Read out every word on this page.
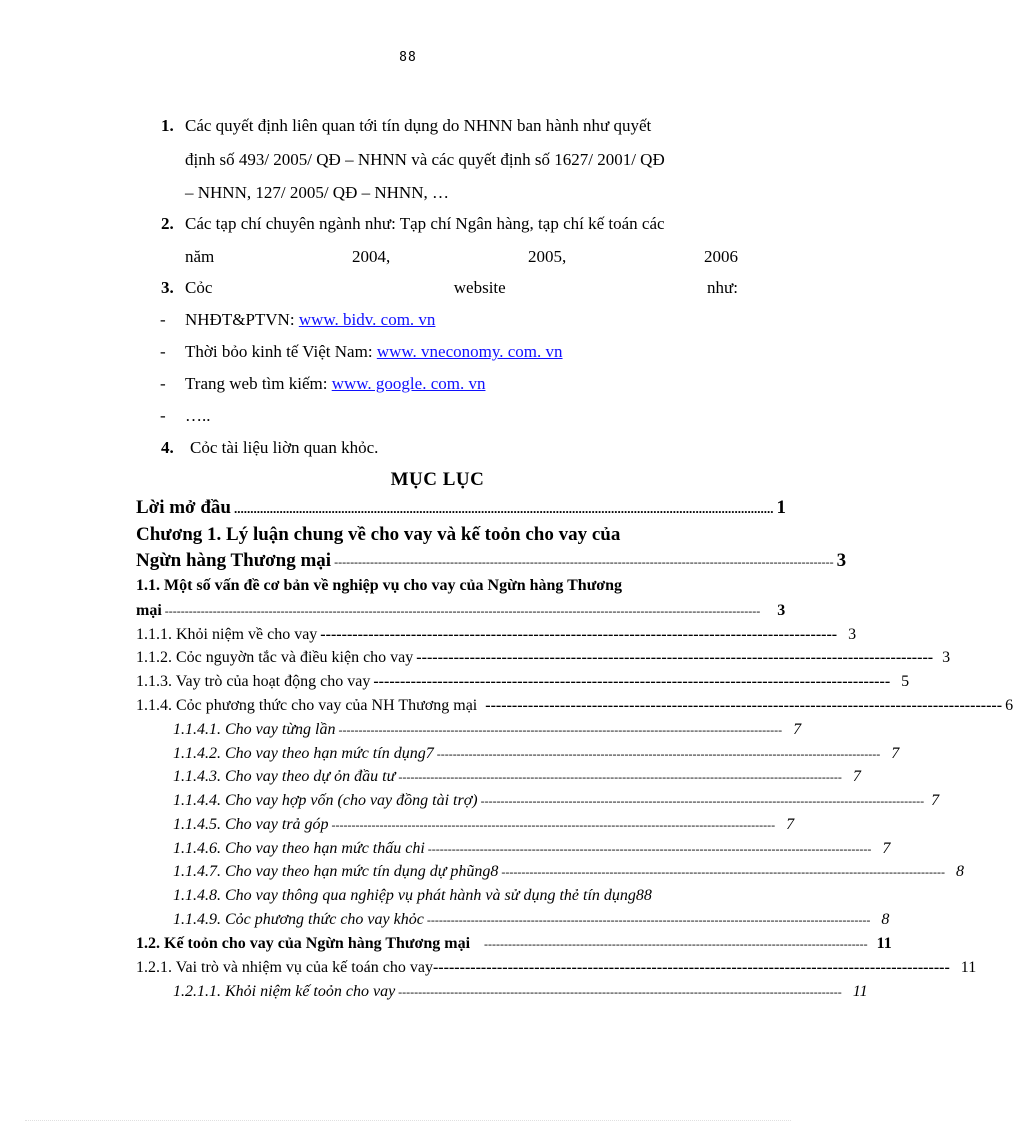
88
1. Các quyết định liên quan tới tín dụng do NHNN ban hành như quyết
định số 493/ 2005/ QĐ – NHNN và các quyết định số 1627/ 2001/ QĐ
– NHNN, 127/ 2005/ QĐ – NHNN, …
2. Các tạp chí chuyên ngành như: Tạp chí Ngân hàng, tạp chí kế toán các
năm	2004,	2005,	2006
3. Cỏc	website	như:
- NHĐT&PTVN: www. bidv. com. vn
- Thời bỏo kinh tế Việt Nam: www. vneconomy. com. vn
- Trang web tìm kiếm: www. google. com. vn
- …..
4. Cỏc tài liệu liờn quan khỏc.
MỤC LỤC
Lời mở đầu ...................................................................................................................................................................... 1
Chương 1. Lý luận chung về cho vay và kế toỏn cho vay của
Ngừn hàng Thương mại ----------------------------------------------------------------------------------------------------------------------------- 3
1.1. Một số vấn đề cơ bản về nghiệp vụ cho vay của Ngừn hàng Thương
mại -----------------------------------------------------------------------------------------------------------------------------------------------------	3
1.1.1. Khỏi niệm về cho vay ------------------------------------------------------------------------------------------------- 3
1.1.2. Cỏc nguyờn tắc và điều kiện cho vay ------------------------------------------------------------------------------------------------- 3
1.1.3. Vay trò của hoạt động cho vay ------------------------------------------------------------------------------------------------- 5
1.1.4. Cỏc phương thức cho vay của NH Thương mại ------------------------------------------------------------------------------------------------- 6
1.1.4.1. Cho vay từng lần --------------------------------------------------------------------------------------------------------------- 7
1.1.4.2. Cho vay theo hạn mức tín dụng7 --------------------------------------------------------------------------------------------------------------- 7
1.1.4.3. Cho vay theo dự ỏn đầu tư --------------------------------------------------------------------------------------------------------------- 7
1.1.4.4. Cho vay hợp vốn (cho vay đồng tài trợ) --------------------------------------------------------------------------------------------------------------- 7
1.1.4.5. Cho vay trả góp --------------------------------------------------------------------------------------------------------------- 7
1.1.4.6. Cho vay theo hạn mức thấu chi --------------------------------------------------------------------------------------------------------------- 7
1.1.4.7. Cho vay theo hạn mức tín dụng dự phũng8 --------------------------------------------------------------------------------------------------------------- 8
1.1.4.8. Cho vay thông qua nghiệp vụ phát hành và sử dụng thẻ tín dụng88
1.1.4.9. Cỏc phương thức cho vay khỏc --------------------------------------------------------------------------------------------------------------- 8
1.2. Kế toỏn cho vay của Ngừn hàng Thương mại ------------------------------------------------------------------------------------------------ 11
1.2.1. Vai trò và nhiệm vụ của kế toán cho vay ------------------------------------------------------------------------------------------------- 11
1.2.1.1. Khỏi niệm kế toỏn cho vay --------------------------------------------------------------------------------------------------------------- 11
